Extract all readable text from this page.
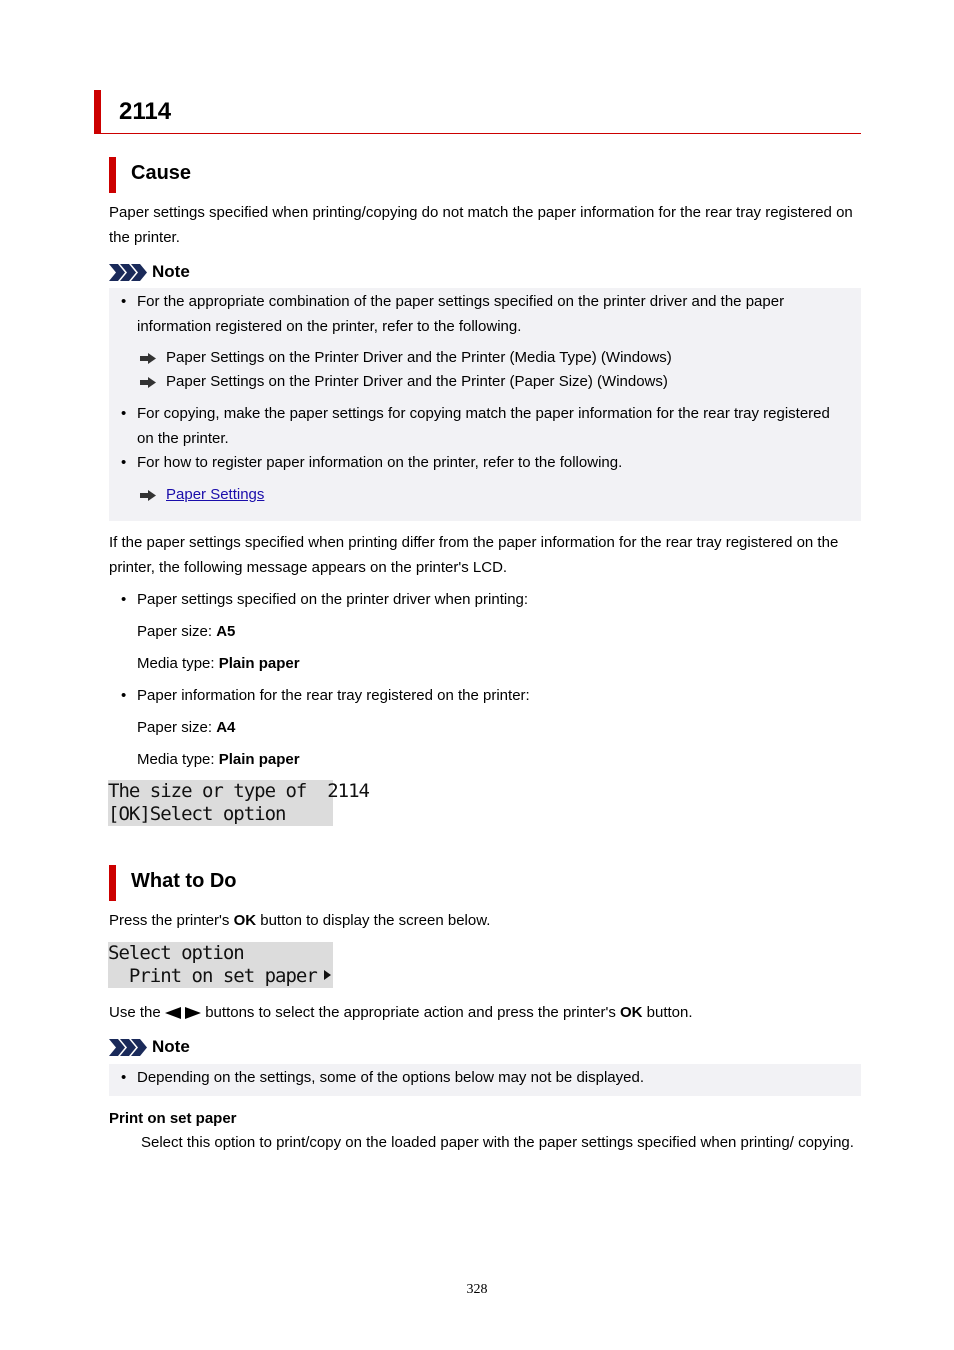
2114
Cause
Paper settings specified when printing/copying do not match the paper information for the rear tray registered on the printer.
Note
• For the appropriate combination of the paper settings specified on the printer driver and the paper information registered on the printer, refer to the following.
Paper Settings on the Printer Driver and the Printer (Media Type) (Windows)
Paper Settings on the Printer Driver and the Printer (Paper Size) (Windows)
• For copying, make the paper settings for copying match the paper information for the rear tray registered on the printer.
• For how to register paper information on the printer, refer to the following.
Paper Settings
If the paper settings specified when printing differ from the paper information for the rear tray registered on the printer, the following message appears on the printer's LCD.
• Paper settings specified on the printer driver when printing:
Paper size: A5
Media type: Plain paper
• Paper information for the rear tray registered on the printer:
Paper size: A4
Media type: Plain paper
The size or type of  2114
[OK]Select option
What to Do
Press the printer's OK button to display the screen below.
Select option
Print on set paper
Use the   buttons to select the appropriate action and press the printer's OK button.
Note
• Depending on the settings, some of the options below may not be displayed.
Print on set paper
Select this option to print/copy on the loaded paper with the paper settings specified when printing/ copying.
328
